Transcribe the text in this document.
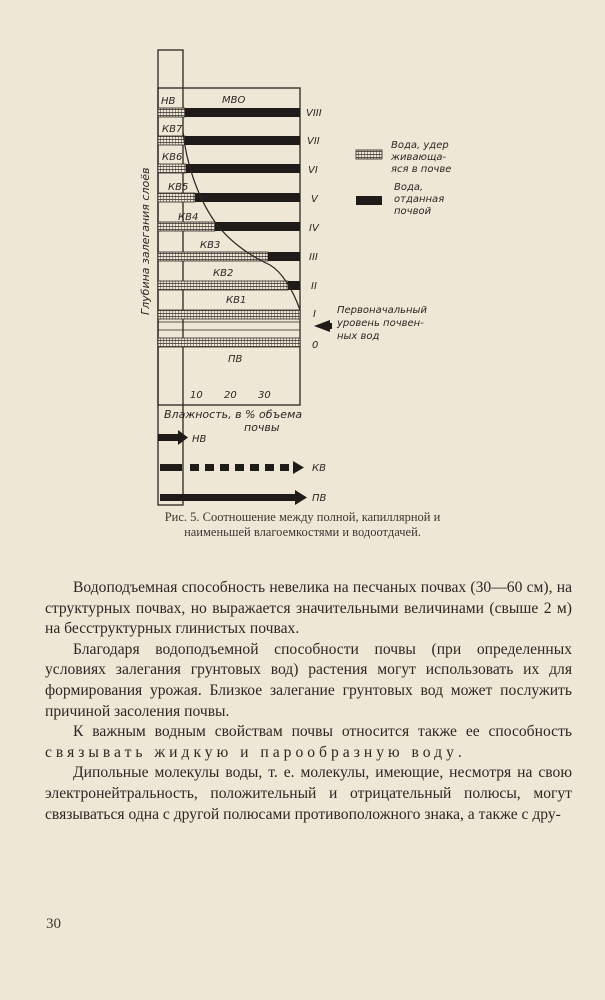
НВ	МВО
КВ7
КВ6
КВ5
КВ4
КВ3
КВ2
КВ1
ПВ
10 20 30
Влажность, в % объема
почвы
Глубина залегания слоёв
VIII
VII
VI
V
IV
III
II
I
0
Вода, удер
живающа-
яся в почве
Вода,
отданная
почвой
Первоначальный
уровень почвен-
ных вод
НВ
КВ
ПВ
Рис. 5. Соотношение между полной, капиллярной и наименьшей влагоемкостями и водоотдачей.

Водоподъемная способность невелика на песчаных почвах (30—60 см), на структурных почвах, но выражается значительными величинами (свыше 2 м) на бесструктурных глинистых почвах.

Благодаря водоподъемной способности почвы (при определенных условиях залегания грунтовых вод) растения могут использовать их для формирования урожая. Близкое залегание грунтовых вод может послужить причиной засоления почвы.

К важным водным свойствам почвы относится также ее способность связывать жидкую и парообразную воду.

Дипольные молекулы воды, т. е. молекулы, имеющие, несмотря на свою электронейтральность, положительный и отрицательный полюсы, могут связываться одна с другой полюсами противоположного знака, а также с дру-

30
